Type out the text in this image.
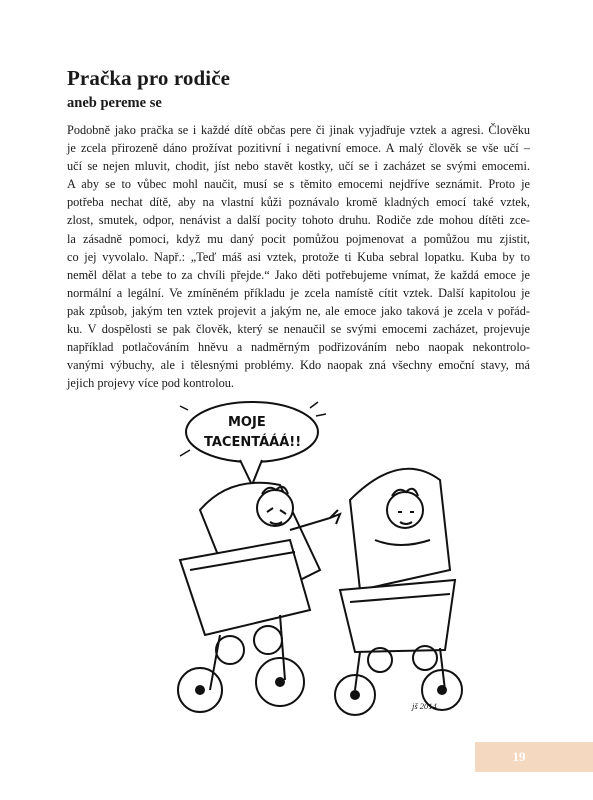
Pračka pro rodiče
aneb pereme se
Podobně jako pračka se i každé dítě občas pere či jinak vyjadřuje vztek a agresi. Člověku
je zcela přirozeně dáno prožívat pozitivní i negativní emoce. A malý člověk se vše učí –
učí se nejen mluvit, chodit, jíst nebo stavět kostky, učí se i zacházet se svými emocemi.
A aby se to vůbec mohl naučit, musí se s těmito emocemi nejdříve seznámit. Proto je
potřeba nechat dítě, aby na vlastní kůži poznávalo kromě kladných emocí také vztek,
zlost, smutek, odpor, nenávist a další pocity tohoto druhu. Rodiče zde mohou dítěti zce-
la zásadně pomoci, když mu daný pocit pomůžou pojmenovat a pomůžou mu zjistit,
co jej vyvolalo. Např.: „Teď máš asi vztek, protože ti Kuba sebral lopatku. Kuba by to
neměl dělat a tebe to za chvíli přejde.“ Jako děti potřebujeme vnímat, že každá emoce je
normální a legální. Ve zmíněném příkladu je zcela namístě cítit vztek. Další kapitolou je
pak způsob, jakým ten vztek projevit a jakým ne, ale emoce jako taková je zcela v pořád-
ku. V dospělosti se pak člověk, který se nenaučil se svými emocemi zacházet, projevuje
například potlačováním hněvu a nadměrným podřizováním nebo naopak nekontrolo-
vanými výbuchy, ale i tělesnými problémy. Kdo naopak zná všechny emoční stavy, má
jejich projevy více pod kontrolou.
MOJE
TACENTÁÁÁ!!
jš 2014
19
